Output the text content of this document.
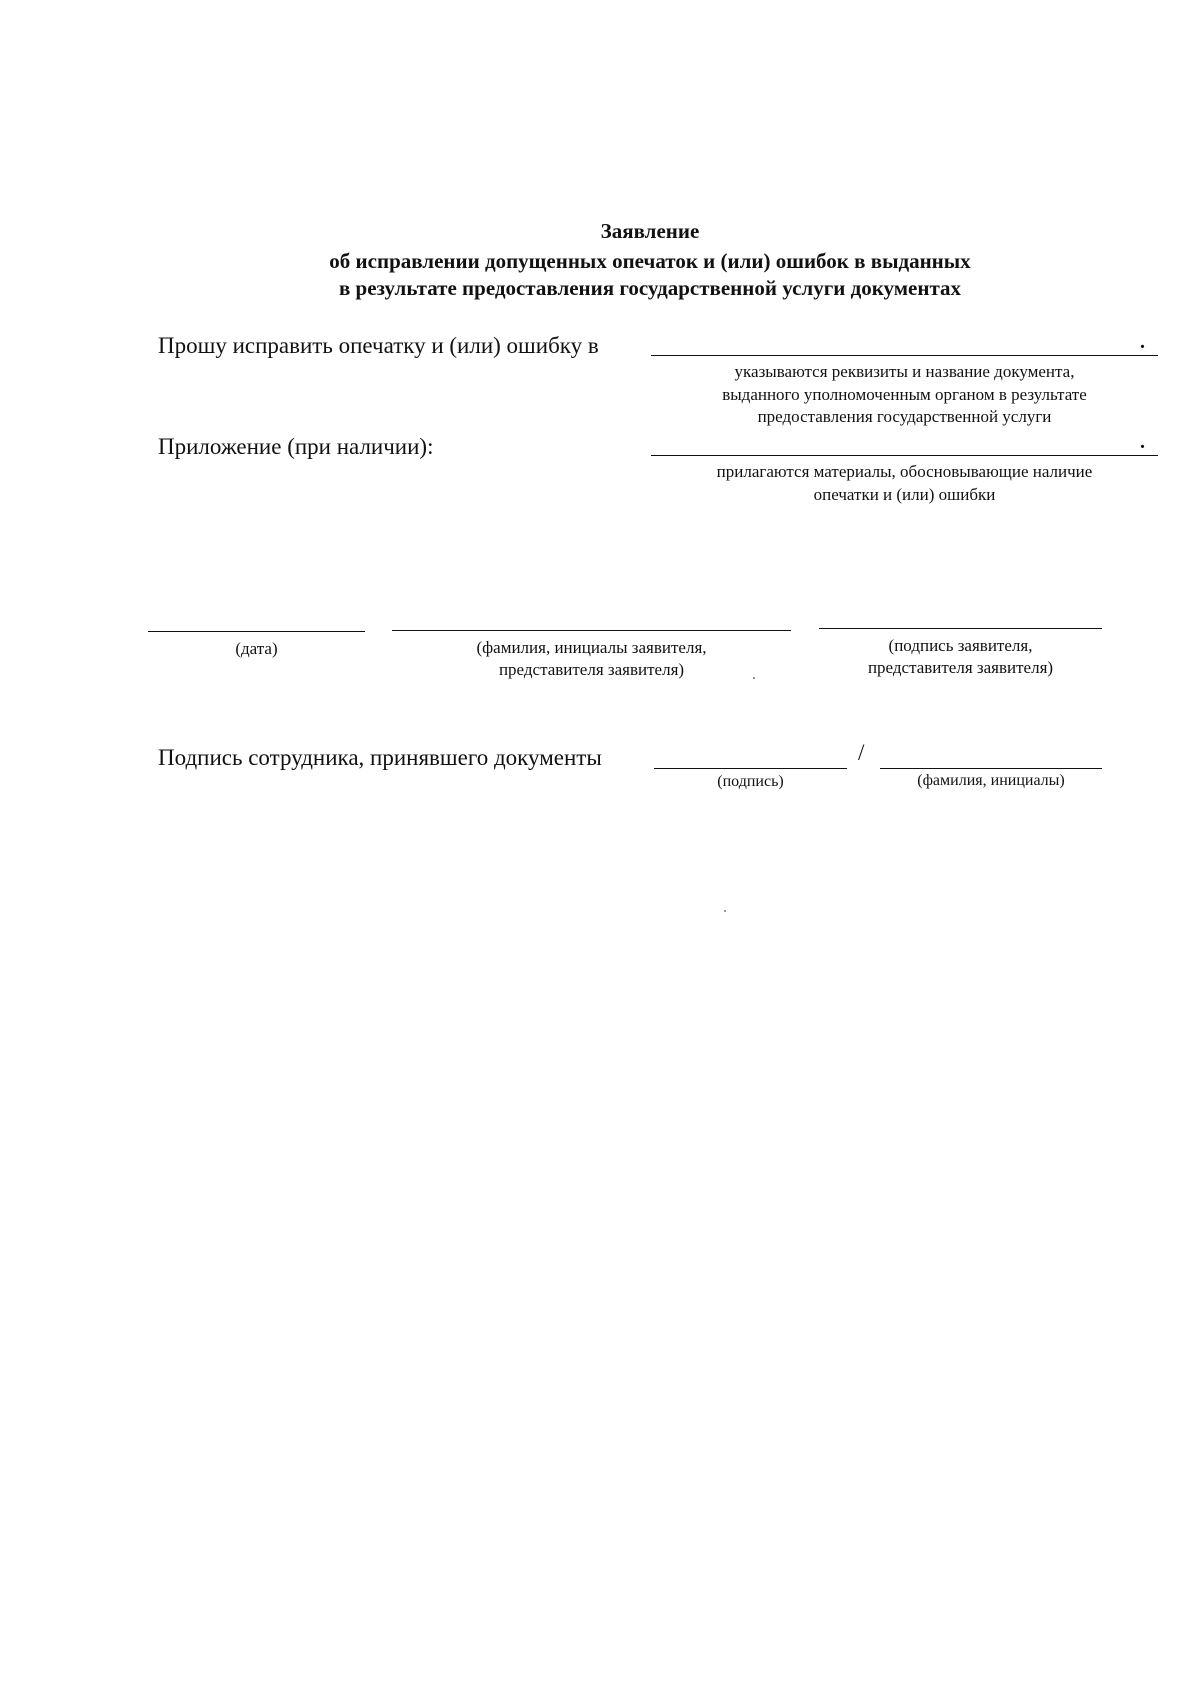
Заявление
об исправлении допущенных опечаток и (или) ошибок в выданных
в результате предоставления государственной услуги документах
Прошу исправить опечатку и (или) ошибку в	.
указываются реквизиты и название документа,
выданного уполномоченным органом в результате
предоставления государственной услуги
Приложение (при наличии):	.
прилагаются материалы, обосновывающие наличие
опечатки и (или) ошибки
(дата)	(фамилия, инициалы заявителя,
представителя заявителя)
(подпись заявителя,
представителя заявителя)
Подпись сотрудника, принявшего документы	/
(подпись)	(фамилия, инициалы)
